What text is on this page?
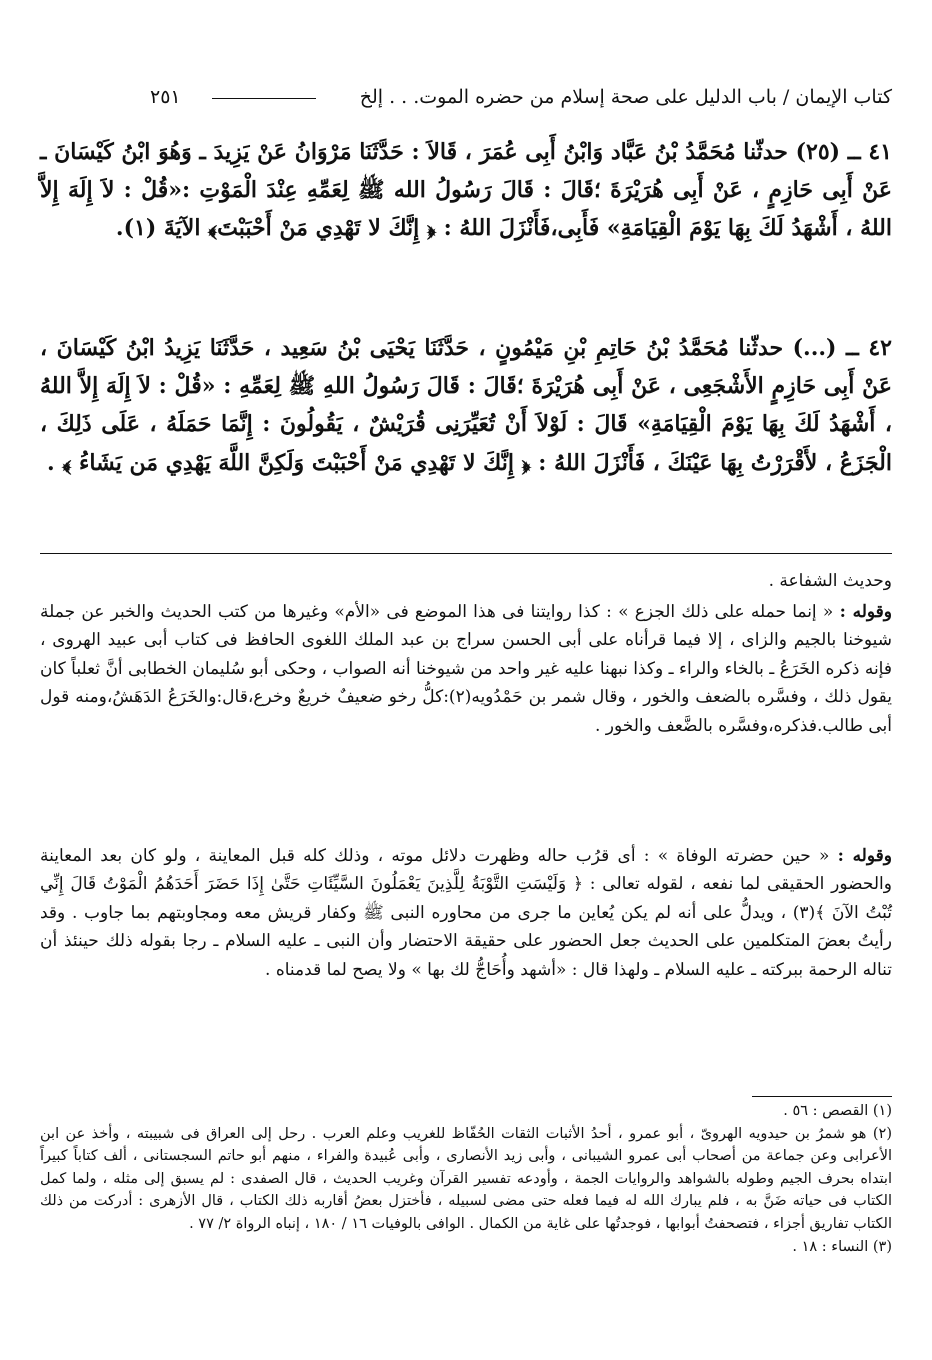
كتاب الإيمان / باب الدليل على صحة إسلام من حضره الموت. . . إلخ
٢٥١
٤١ ــ (٢٥) حدثّنا مُحَمَّدُ بْنُ عَبَّاد وَابْنُ أَبِى عُمَرَ ، قَالاَ : حَدَّثَنَا مَرْوَانُ عَنْ يَزِيدَ ـ وَهُوَ ابْنُ كَيْسَانَ ـ عَنْ أَبِى حَازِمٍ ، عَنْ أَبِى هُرَيْرَةَ ؛قَالَ : قَالَ رَسُولُ الله ﷺ لِعَمِّهِ عِنْدَ الْمَوْتِ :«قُلْ : لاَ إِلَهَ إِلاَّ اللهُ ، أَشْهَدُ لَكَ بِهَا يَوْمَ الْقِيَامَةِ» فَأَبِى،فَأَنْزَلَ اللهُ : ﴿ إِنَّكَ لا تَهْدِي مَنْ أَحْبَبْتَ﴾ الآيَةَ (١).
٤٢ ــ (...) حدثّنا مُحَمَّدُ بْنُ حَاتِمِ بْنِ مَيْمُونٍ ، حَدَّثَنَا يَحْيَى بْنُ سَعِيد ، حَدَّثَنَا يَزِيدُ ابْنُ كَيْسَانَ ، عَنْ أَبِى حَازِمٍ الأَشْجَعِى ، عَنْ أَبِى هُرَيْرَةَ ؛قَالَ : قَالَ رَسُولُ اللهِ ﷺ لِعَمِّهِ : «قُلْ : لاَ إِلَهَ إِلاَّ اللهُ ، أَشْهَدُ لَكَ بِهَا يَوْمَ الْقِيَامَةِ» قَالَ : لَوْلاَ أَنْ تُعَيِّرَنِى قُرَيْشٌ ، يَقُولُونَ : إِنَّمَا حَمَلَهُ ، عَلَى ذَلِكَ ، الْجَزَعُ ، لأَقْرَرْتُ بِهَا عَيْنَكَ ، فَأَنْزَلَ اللهُ : ﴿ إِنَّكَ لا تَهْدِي مَنْ أَحْبَبْتَ وَلَكِنَّ اللَّهَ يَهْدِي مَن يَشَاءُ ﴾ .
وحديث الشفاعة .
وقوله : « إنما حمله على ذلك الجزع » : كذا روايتنا فى هذا الموضع فى «الأم» وغيرها من كتب الحديث والخبر عن جملة شيوخنا بالجيم والزاى ، إلا فيما قرأناه على أبى الحسن سراج بن عبد الملك اللغوى الحافظ فى كتاب أبى عبيد الهروى ، فإنه ذكره الخَرَعُ ـ بالخاء والراء ـ وكذا نبهنا عليه غير واحد من شيوخنا أنه الصواب ، وحكى أبو سُليمان الخطابى أنَّ ثعلباً كان يقول ذلك ، وفسَّره بالضعف والخور ، وقال شمر بن حَمْدُويه(٢):كلُّ رخو ضعيفٌ خريعٌ وخرع،قال:والخَرَعُ الدَهَشُ،ومنه قول أبى طالب.فذكره،وفسَّره بالضَّعف والخور .
وقوله : « حين حضرته الوفاة » : أى قرُب حاله وظهرت دلائل موته ، وذلك كله قبل المعاينة ، ولو كان بعد المعاينة والحضور الحقيقى لما نفعه ، لقوله تعالى : ﴿ وَلَيْسَتِ التَّوْبَةُ لِلَّذِينَ يَعْمَلُونَ السَّيِّئَاتِ حَتَّىٰ إِذَا حَضَرَ أَحَدَهُمُ الْمَوْتُ قَالَ إِنِّي تُبْتُ الآنَ ﴾(٣) ، ويدلُّ على أنه لم يكن يُعاين ما جرى من محاوره النبى ﷺ وكفار قريش معه ومجاوبتهم بما جاوب . وقد رأيتُ بعضَ المتكلمين على الحديث جعل الحضور على حقيقة الاحتضار وأن النبى ـ عليه السلام ـ رجا بقوله ذلك حينئذ أن تناله الرحمة ببركته ـ عليه السلام ـ ولهذا قال : «أشهد وأُحَاجُّ لك بها » ولا يصح لما قدمناه .
(١) القصص : ٥٦ .
(٢) هو شمرُ بن حيدويه الهروىّ ، أبو عمرو ، أحدُ الأثبات الثقات الحُفّاظ للغريب وعلم العرب . رحل إلى العراق فى شبيبته ، وأخذ عن ابن الأعرابى وعن جماعة من أصحاب أبى عمرو الشيبانى ، وأبى زيد الأنصارى ، وأبى عُبيدة والفراء ، منهم أبو حاتم السجستانى ، ألف كتاباً كبيراً ابتداه بحرف الجيم وطوله بالشواهد والروايات الجمة ، وأودعه تفسير القرآن وغريب الحديث ، قال الصفدى : لم يسبق إلى مثله ، ولما كمل الكتاب فى حياته ضَنَّ به ، فلم يبارك الله له فيما فعله حتى مضى لسبيله ، فأختزل بعضُ أقاربه ذلك الكتاب ، قال الأزهرى : أدركت من ذلك الكتاب تفاريق أجزاء ، فتصحفتُ أبوابها ، فوجدتُها على غاية من الكمال . الوافى بالوفيات ١٦ / ١٨٠ ، إنباه الرواة ٢/ ٧٧ .
(٣) النساء : ١٨ .
